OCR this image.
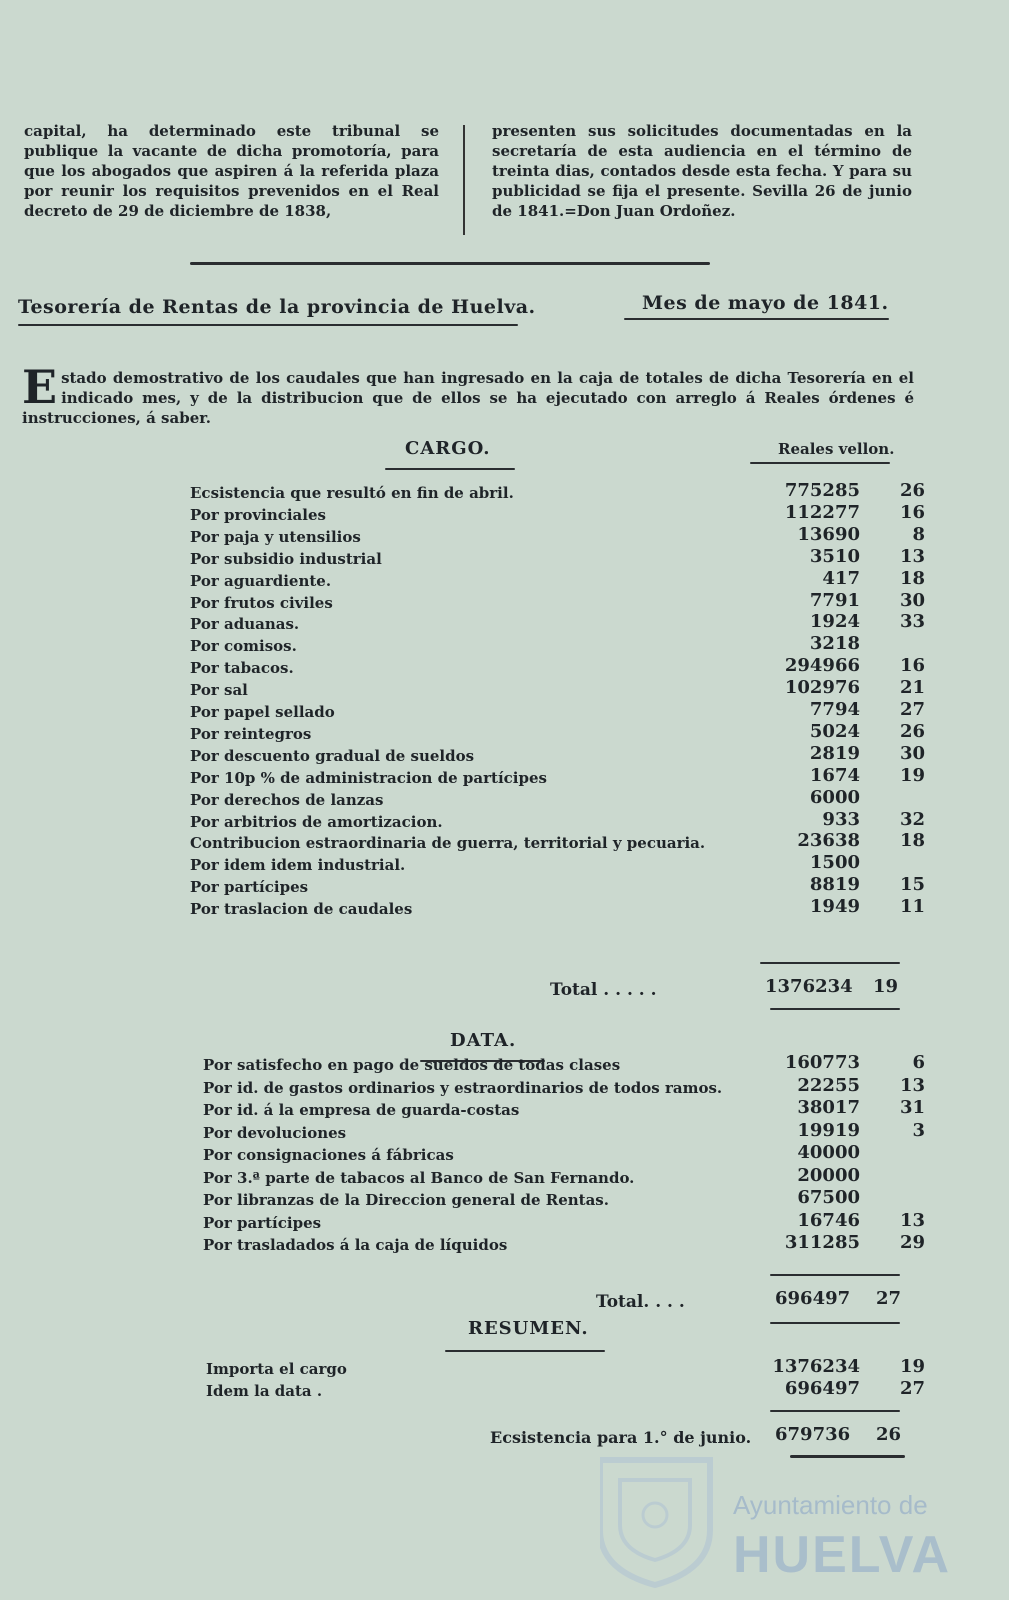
capital, ha determinado este tribunal se publique la vacante de dicha promotoría, para que los abogados que aspiren á la referida plaza por reunir los requisitos prevenidos en el Real decreto de 29 de diciembre de 1838,
presenten sus solicitudes documentadas en la secretaría de esta audiencia en el término de treinta dias, contados desde esta fecha. Y para su publicidad se fija el presente. Sevilla 26 de junio de 1841.=Don Juan Ordoñez.
Tesorería de Rentas de la provincia de Huelva.	Mes de mayo de 1841.
Estado demostrativo de los caudales que han ingresado en la caja de totales de dicha Tesorería en el indicado mes, y de la distribucion que de ellos se ha ejecutado con arreglo á Reales órdenes é instrucciones, á saber.
CARGO.	Reales vellon.
Ecsistencia que resultó en fin de abril.	775285 26
Por provinciales	112277 16
Por paja y utensilios	13690	8
Por subsidio industrial	3510 13
Por aguardiente.	417 18
Por frutos civiles	7791 30
Por aduanas.	1924 33
Por comisos.	3218
Por tabacos.	294966 16
Por sal	102976 21
Por papel sellado	7794 27
Por reintegros	5024 26
Por descuento gradual de sueldos	2819 30
Por 10p % de administracion de partícipes	1674 19
Por derechos de lanzas	6000
Por arbitrios de amortizacion.	933 32
Contribucion estraordinaria de guerra, territorial y pecuaria.	23638 18
Por idem idem industrial.	1500
Por partícipes	8819 15
Por traslacion de caudales	1949 11
Total . . . . .	1376234 19
DATA.
Por satisfecho en pago de sueldos de todas clases	160773	6
Por id. de gastos ordinarios y estraordinarios de todos ramos.	22255 13
Por id. á la empresa de guarda-costas	38017 31
Por devoluciones	19919	3
Por consignaciones á fábricas	40000
Por 3.ª parte de tabacos al Banco de San Fernando.	20000
Por libranzas de la Direccion general de Rentas.	67500
Por partícipes	16746 13
Por trasladados á la caja de líquidos	311285 29
Total. . . .	696497 27
RESUMEN.
Importa el cargo	1376234 19
Idem la data .	696497 27
Ecsistencia para 1.° de junio. 679736 26
Ayuntamiento de
HUELVA
